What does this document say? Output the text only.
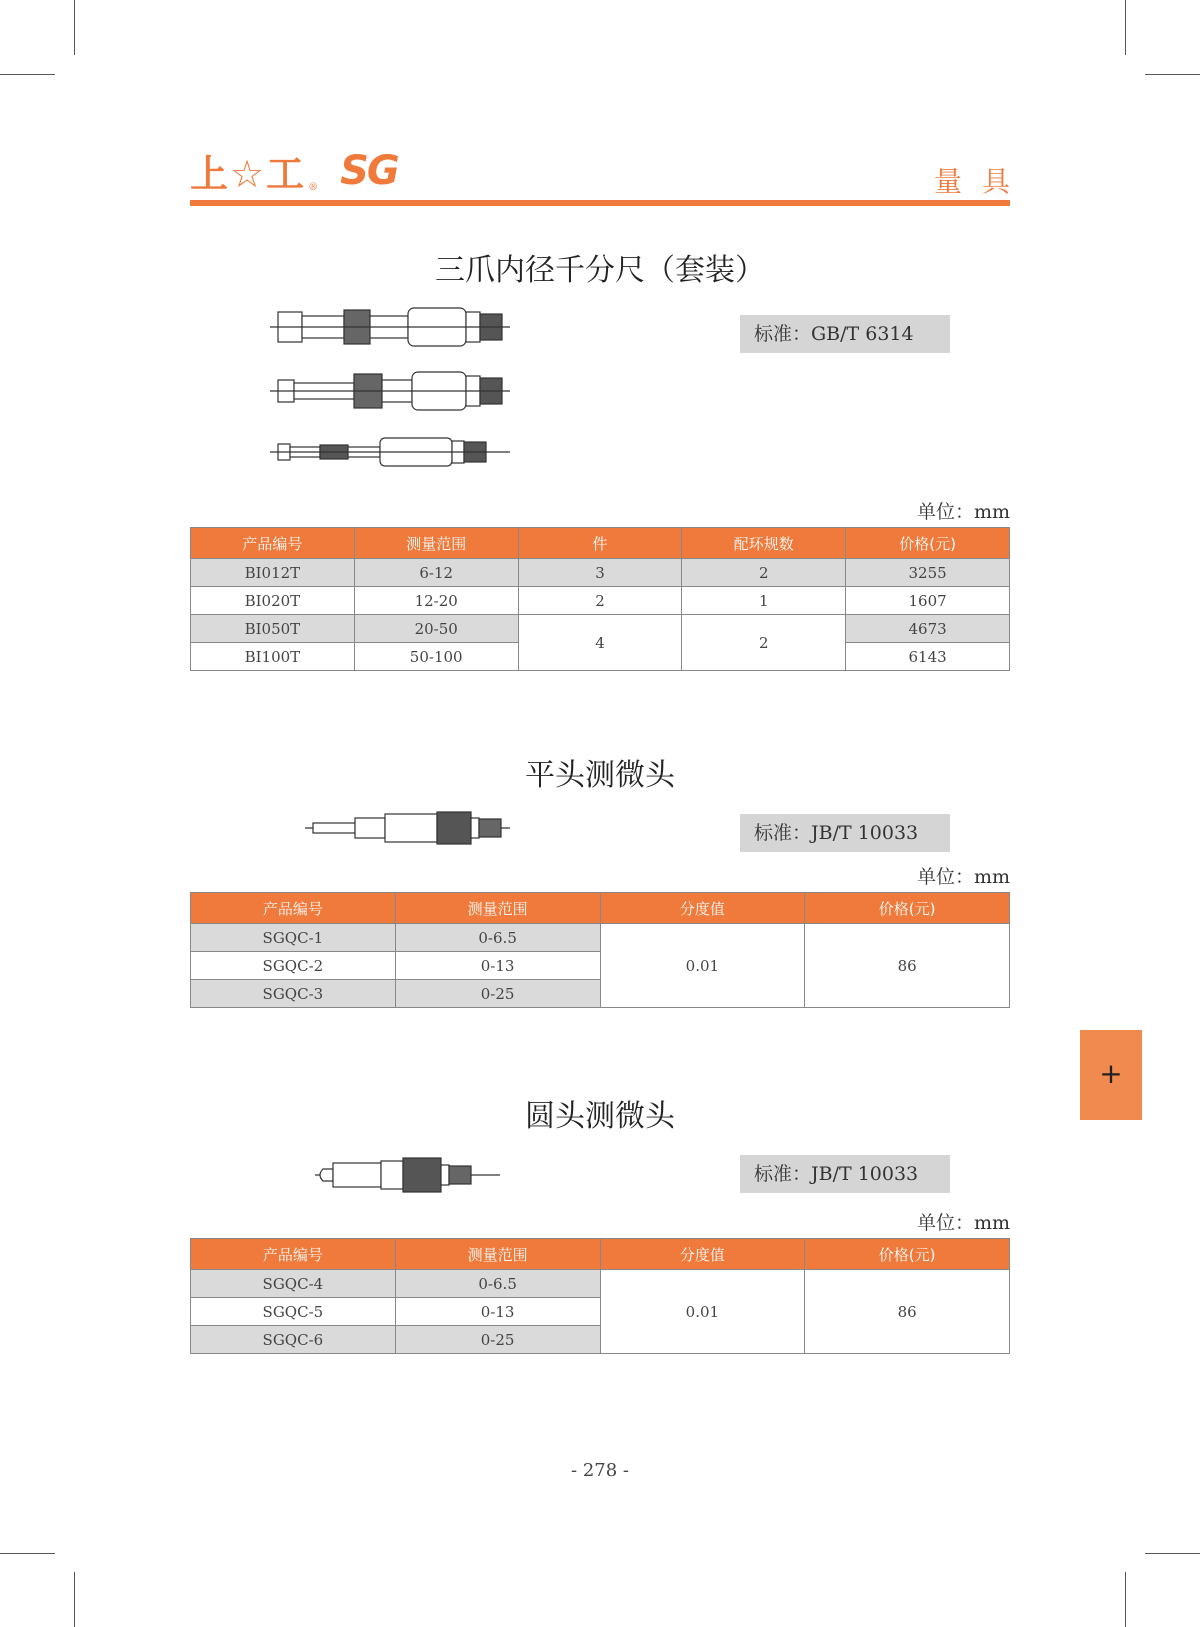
上☆工 ® SG	量具
三爪内径千分尺（套装）
标准：GB/T 6314
单位：mm
产品编号	测量范围	件	配环规数	价格(元)
BI012T	6-12	3	2	3255
BI020T	12-20	2	1	1607
BI050T	20-50	4	2	4673
BI100T	50-100			6143
平头测微头
标准：JB/T 10033
单位：mm
产品编号	测量范围	分度值	价格(元)
SGQC-1	0-6.5	0.01	86
SGQC-2	0-13		
SGQC-3	0-25		
+
圆头测微头
标准：JB/T 10033
单位：mm
产品编号	测量范围	分度值	价格(元)
SGQC-4	0-6.5	0.01	86
SGQC-5	0-13		
SGQC-6	0-25		
- 278 -
